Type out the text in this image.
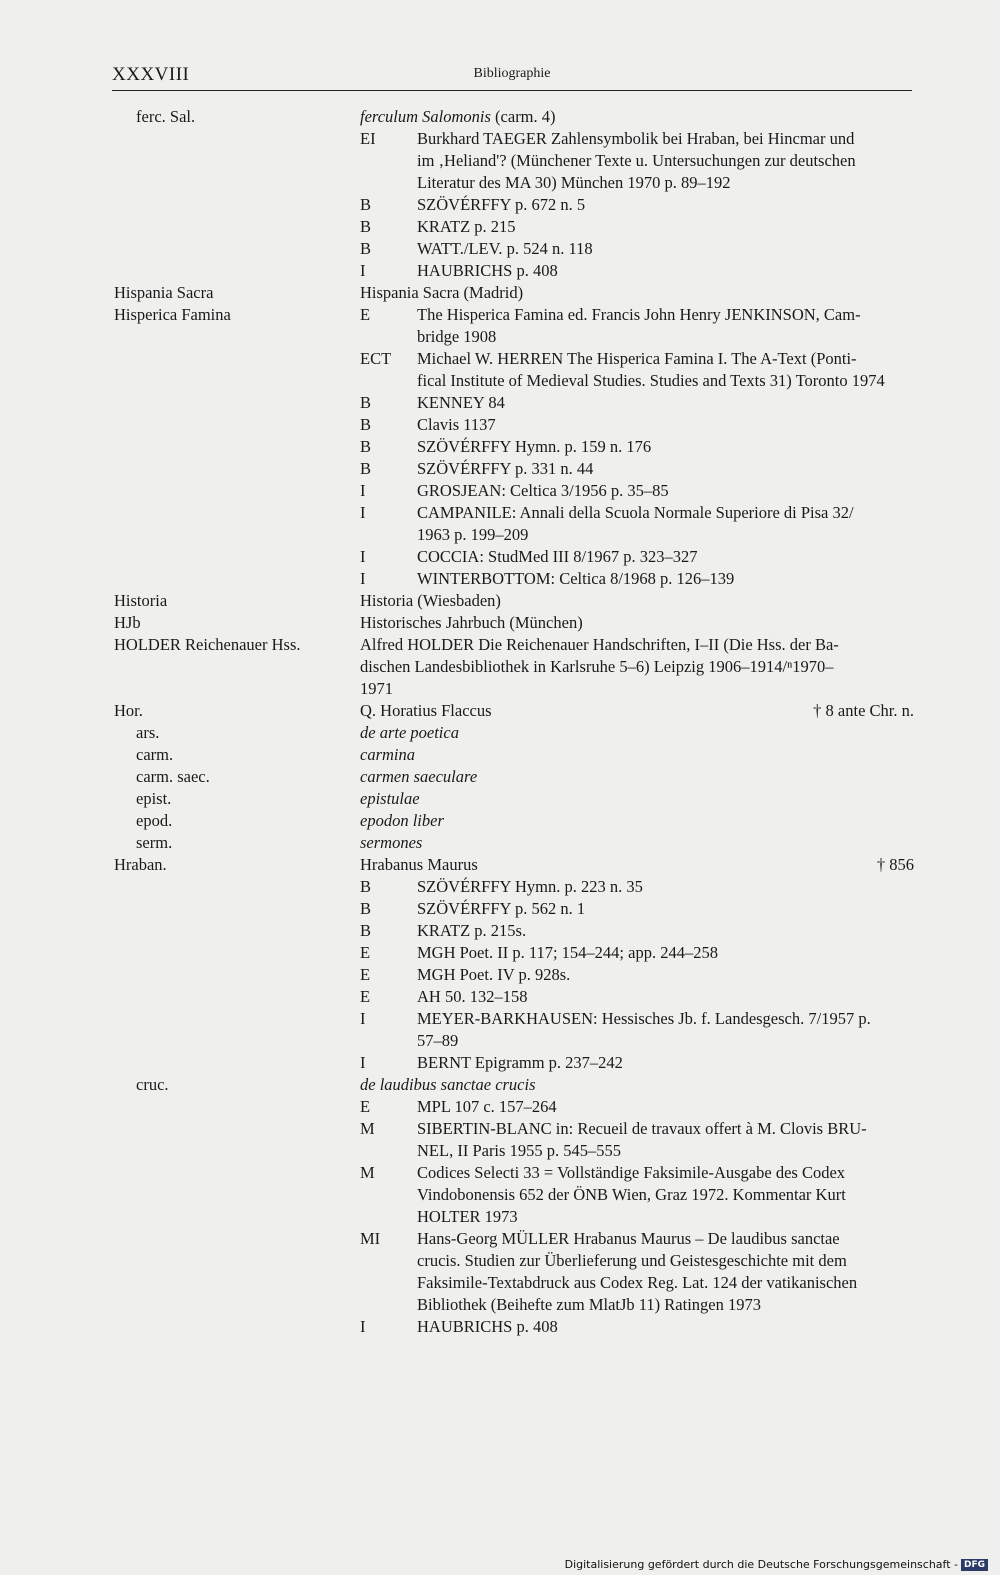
XXXVIII	Bibliographie
ferc. Sal.	ferculum Salomonis (carm. 4)
EI	Burkhard TAEGER Zahlensymbolik bei Hraban, bei Hincmar und
im ‚Heliand'? (Münchener Texte u. Untersuchungen zur deutschen
Literatur des MA 30) München 1970 p. 89–192
B	SZÖVÉRFFY p. 672 n. 5
B	KRATZ p. 215
B	WATT./LEV. p. 524 n. 118
I	HAUBRICHS p. 408
Hispania Sacra	Hispania Sacra (Madrid)
Hisperica Famina	E	The Hisperica Famina ed. Francis John Henry JENKINSON, Cam-
bridge 1908
ECT Michael W. HERREN The Hisperica Famina I. The A-Text (Ponti-
fical Institute of Medieval Studies. Studies and Texts 31) Toronto 1974
B	KENNEY 84
B	Clavis 1137
B	SZÖVÉRFFY Hymn. p. 159 n. 176
B	SZÖVÉRFFY p. 331 n. 44
I	GROSJEAN: Celtica 3/1956 p. 35–85
I	CAMPANILE: Annali della Scuola Normale Superiore di Pisa 32/
1963 p. 199–209
I	COCCIA: StudMed III 8/1967 p. 323–327
I	WINTERBOTTOM: Celtica 8/1968 p. 126–139
Historia	Historia (Wiesbaden)
HJb	Historisches Jahrbuch (München)
HOLDER Reichenauer Hss.	Alfred HOLDER Die Reichenauer Handschriften, I–II (Die Hss. der Ba-
dischen Landesbibliothek in Karlsruhe 5–6) Leipzig 1906–1914/ⁿ1970–
1971
Hor.	Q. Horatius Flaccus	† 8 ante Chr. n.
ars.	de arte poetica
carm.	carmina
carm. saec.	carmen saeculare
epist.	epistulae
epod.	epodon liber
serm.	sermones
Hraban.	Hrabanus Maurus	† 856
B	SZÖVÉRFFY Hymn. p. 223 n. 35
B	SZÖVÉRFFY p. 562 n. 1
B	KRATZ p. 215s.
E	MGH Poet. II p. 117; 154–244; app. 244–258
E	MGH Poet. IV p. 928s.
E	AH 50. 132–158
I	MEYER-BARKHAUSEN: Hessisches Jb. f. Landesgesch. 7/1957 p.
57–89
I	BERNT Epigramm p. 237–242
cruc.	de laudibus sanctae crucis
E	MPL 107 c. 157–264
M	SIBERTIN-BLANC in: Recueil de travaux offert à M. Clovis BRU-
NEL, II Paris 1955 p. 545–555
M	Codices Selecti 33 = Vollständige Faksimile-Ausgabe des Codex
Vindobonensis 652 der ÖNB Wien, Graz 1972. Kommentar Kurt
HOLTER 1973
MI Hans-Georg MÜLLER Hrabanus Maurus – De laudibus sanctae
crucis. Studien zur Überlieferung und Geistesgeschichte mit dem
Faksimile-Textabdruck aus Codex Reg. Lat. 124 der vatikanischen
Bibliothek (Beihefte zum MlatJb 11) Ratingen 1973
I	HAUBRICHS p. 408
Digitalisierung gefördert durch die Deutsche Forschungsgemeinschaft - DFG
